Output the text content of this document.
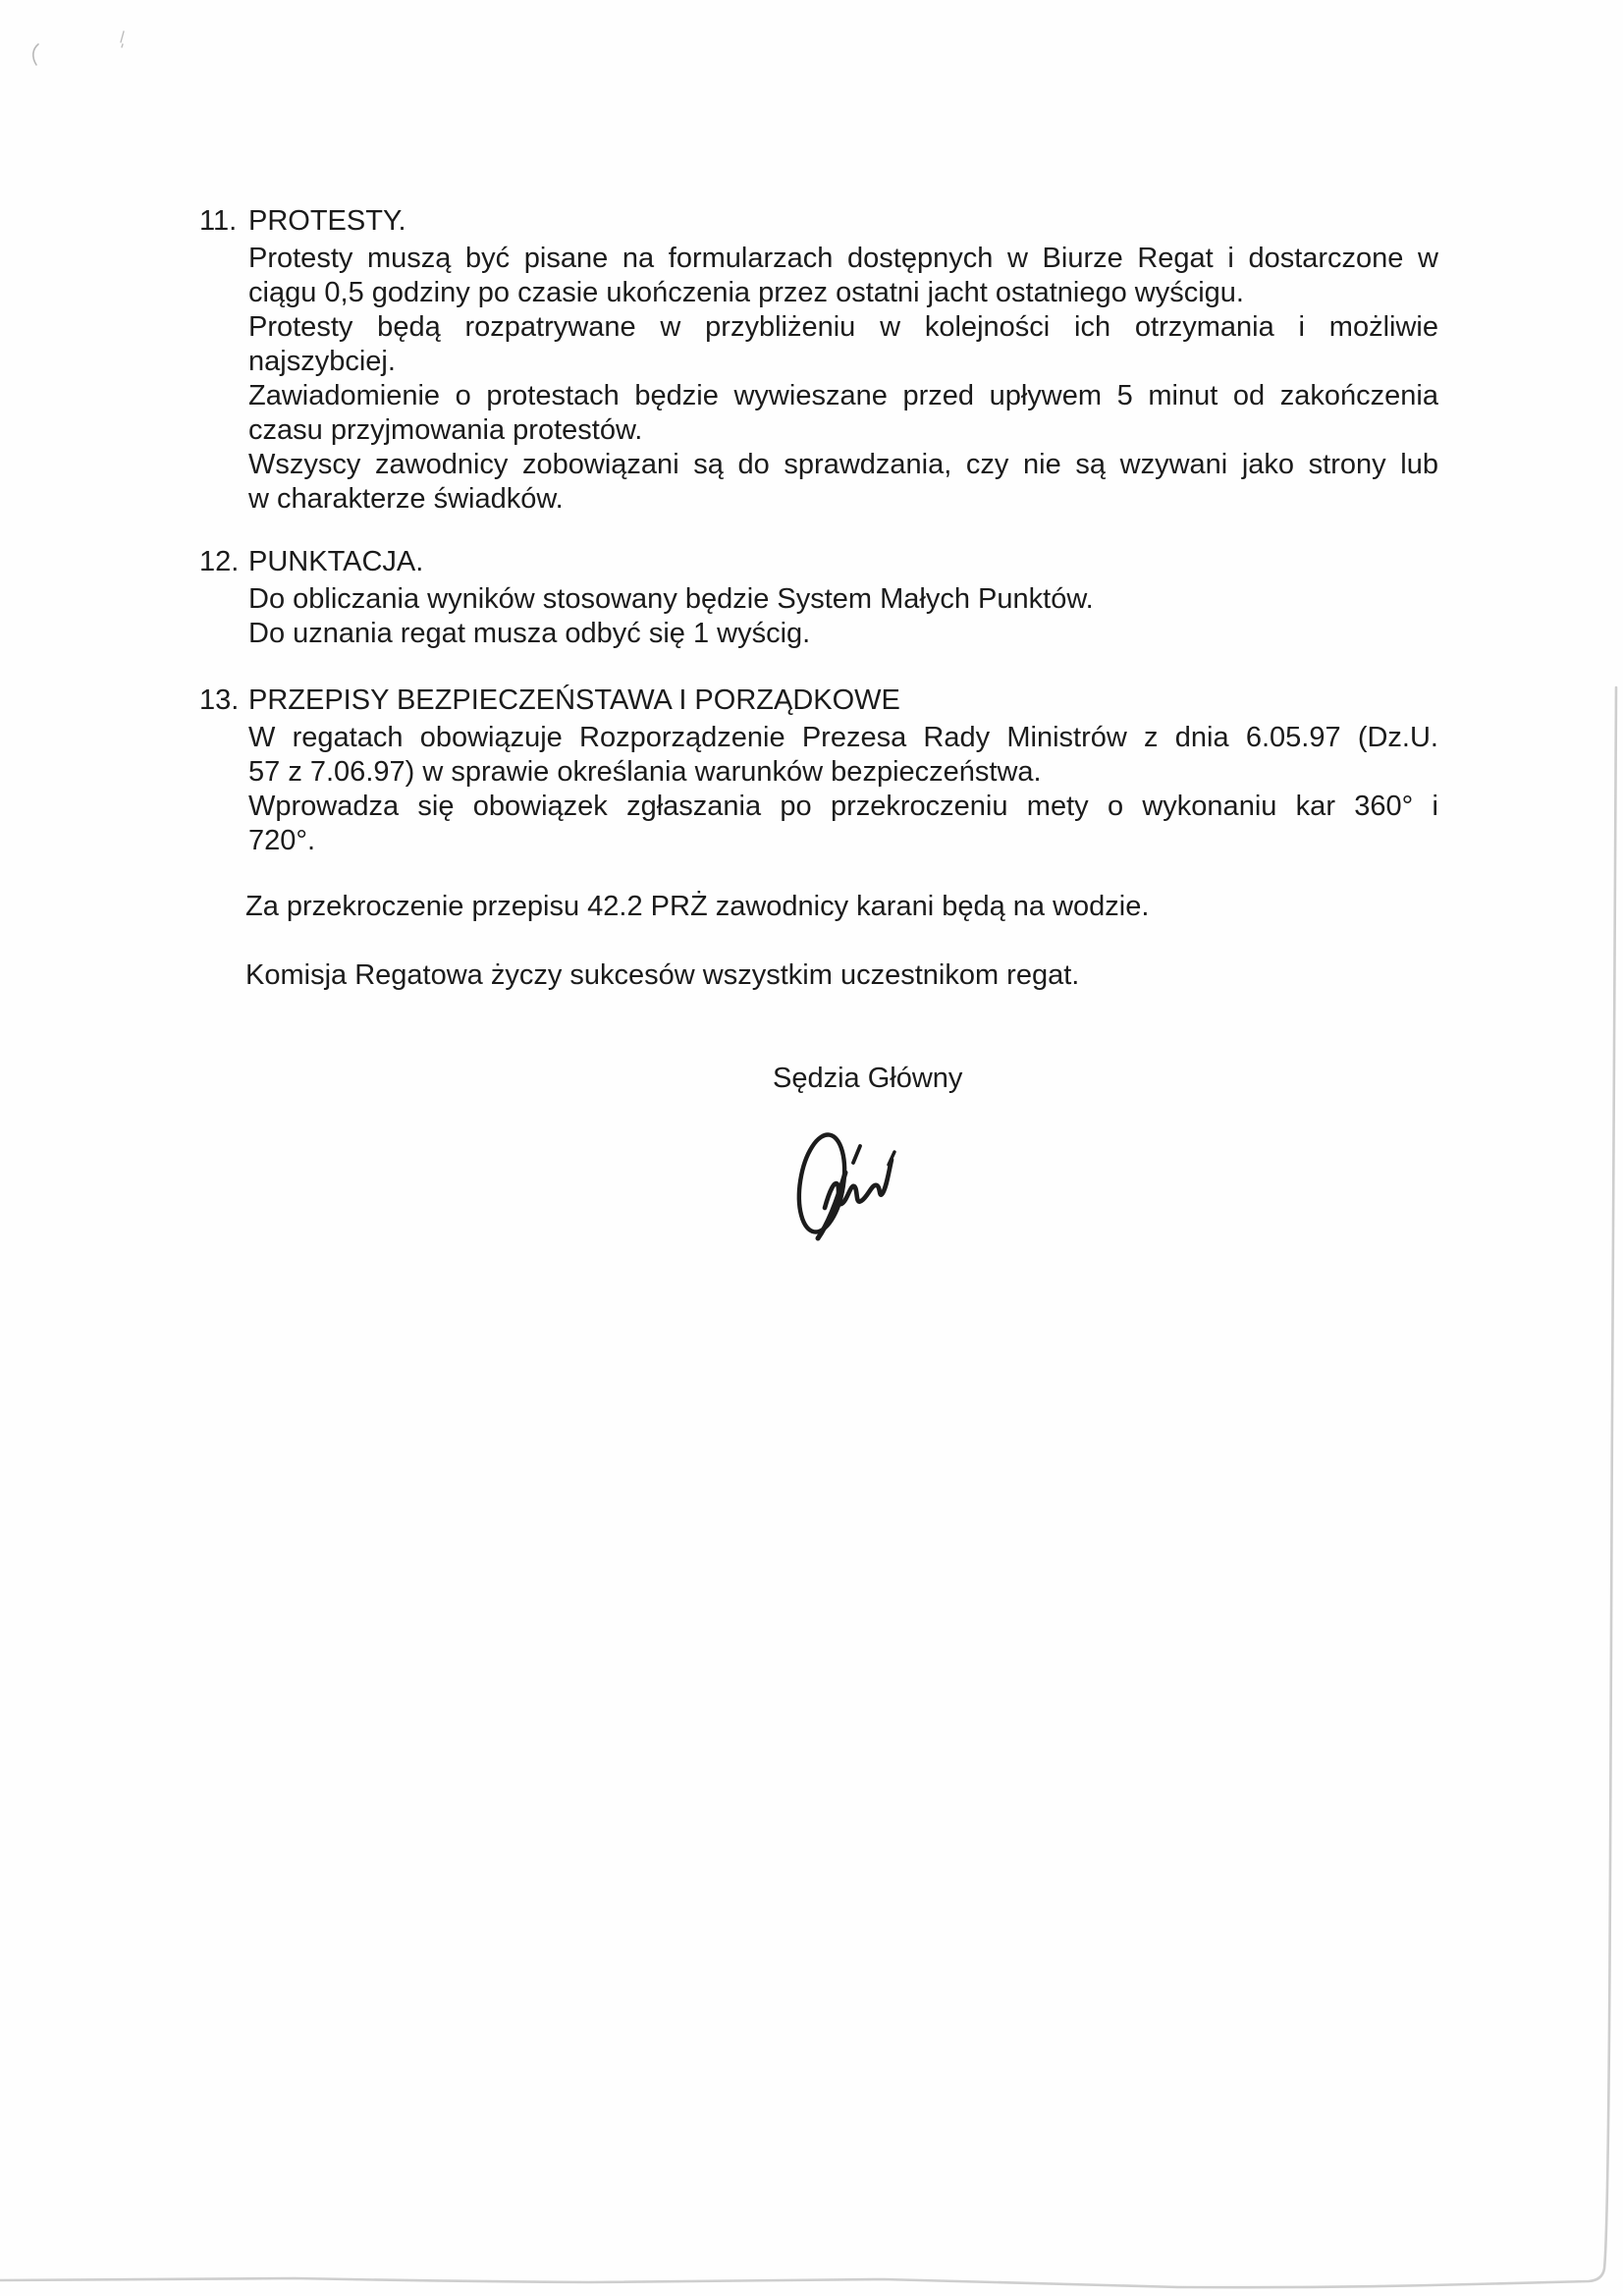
11. PROTESTY.
Protesty muszą być pisane na formularzach dostępnych w Biurze Regat i dostarczone w
ciągu 0,5 godziny po czasie ukończenia przez ostatni jacht ostatniego wyścigu.
Protesty będą rozpatrywane w przybliżeniu w kolejności ich otrzymania i możliwie
najszybciej.
Zawiadomienie o protestach będzie wywieszane przed upływem 5 minut od zakończenia
czasu przyjmowania protestów.
Wszyscy zawodnicy zobowiązani są do sprawdzania, czy nie są wzywani jako strony lub
w charakterze świadków.
12. PUNKTACJA.
Do obliczania wyników stosowany będzie System Małych Punktów.
Do uznania regat musza odbyć się 1 wyścig.
13. PRZEPISY BEZPIECZEŃSTAWA I PORZĄDKOWE
W regatach obowiązuje Rozporządzenie Prezesa Rady Ministrów z dnia 6.05.97 (Dz.U.
57 z 7.06.97) w sprawie określania warunków bezpieczeństwa.
Wprowadza się obowiązek zgłaszania po przekroczeniu mety o wykonaniu kar 360° i
720°.
Za przekroczenie przepisu 42.2 PRŻ zawodnicy karani będą na wodzie.
Komisja Regatowa życzy sukcesów wszystkim uczestnikom regat.
Sędzia Główny
